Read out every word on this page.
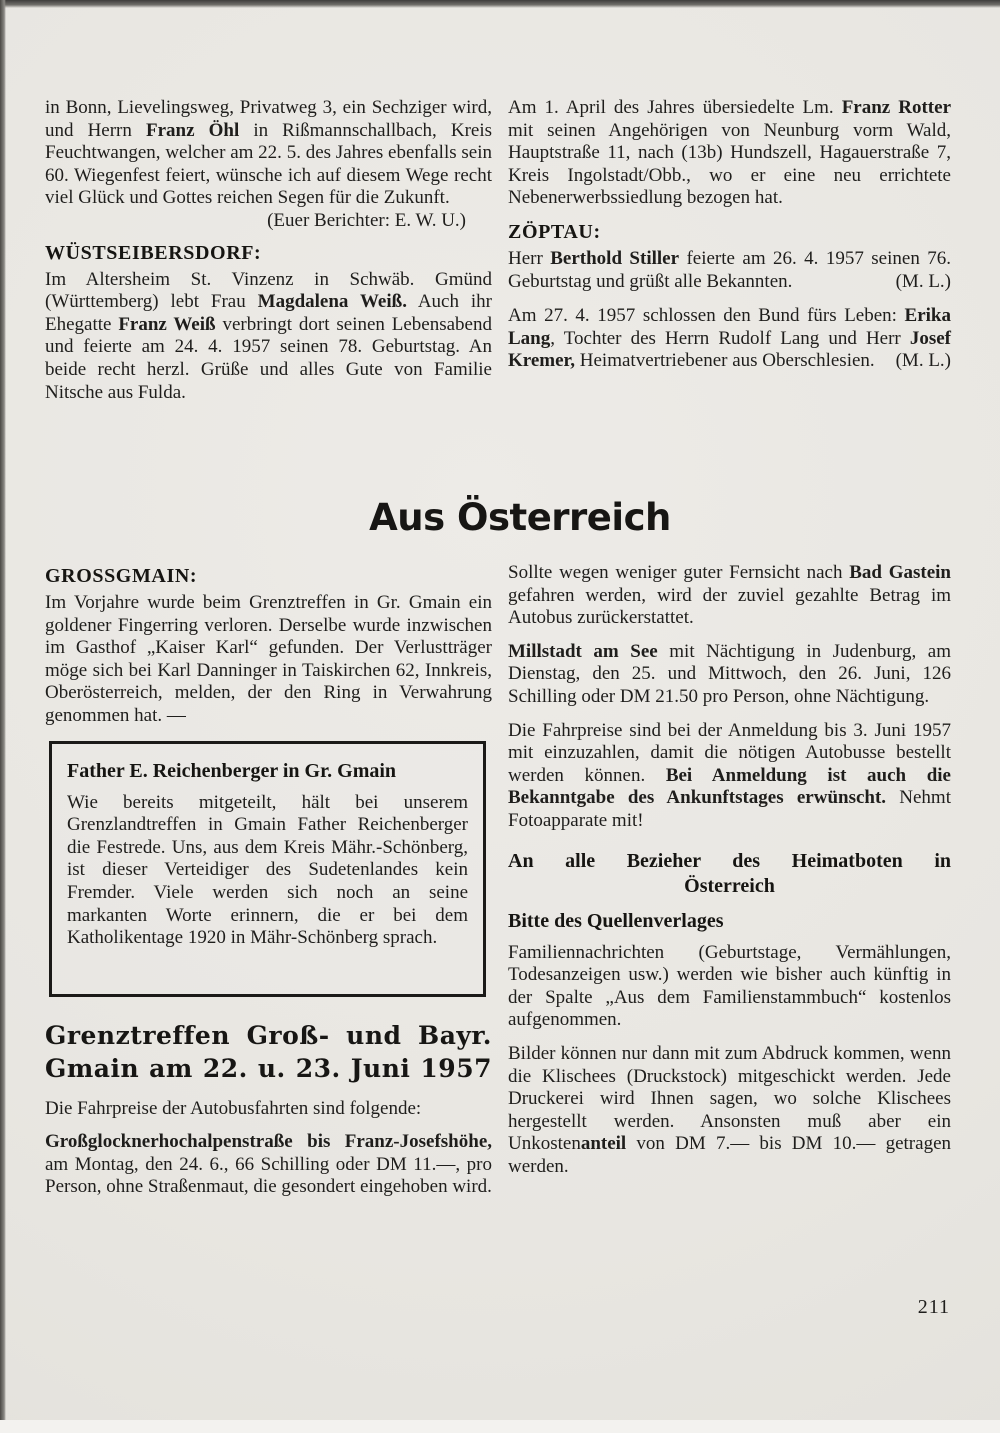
in Bonn, Lievelingsweg, Privatweg 3, ein Sechziger wird, und Herrn Franz Öhl in Rißmannschallbach, Kreis Feuchtwangen, welcher am 22. 5. des Jahres ebenfalls sein 60. Wiegenfest feiert, wünsche ich auf diesem Wege recht viel Glück und Gottes reichen Segen für die Zukunft.

(Euer Berichter: E. W. U.)
WÜSTSEIBERSDORF:

Im Altersheim St. Vinzenz in Schwäb. Gmünd (Württemberg) lebt Frau Magdalena Weiß. Auch ihr Ehegatte Franz Weiß verbringt dort seinen Lebensabend und feierte am 24. 4. 1957 seinen 78. Geburtstag. An beide recht herzl. Grüße und alles Gute von Familie Nitsche aus Fulda.

Am 1. April des Jahres übersiedelte Lm. Franz Rotter mit seinen Angehörigen von Neunburg vorm Wald, Hauptstraße 11, nach (13b) Hundszell, Hagauerstraße 7, Kreis Ingolstadt/Obb., wo er eine neu errichtete Nebenerwerbssiedlung bezogen hat.

ZÖPTAU:

Herr Berthold Stiller feierte am 26. 4. 1957 seinen 76. Geburtstag und grüßt alle Bekannten.	(M. L.)

Am 27. 4. 1957 schlossen den Bund fürs Leben: Erika Lang, Tochter des Herrn Rudolf Lang und Herr Josef Kremer, Heimatvertriebener aus Oberschlesien.	(M. L.)
Aus Österreich
GROSSGMAIN:

Im Vorjahre wurde beim Grenztreffen in Gr. Gmain ein goldener Fingerring verloren. Derselbe wurde inzwischen im Gasthof „Kaiser Karl“ gefunden. Der Verlustträger möge sich bei Karl Danninger in Taiskirchen 62, Innkreis, Oberösterreich, melden, der den Ring in Verwahrung genommen hat. —

Father E. Reichenberger in Gr. Gmain

Wie bereits mitgeteilt, hält bei unserem Grenzlandtreffen in Gmain Father Reichenberger die Festrede. Uns, aus dem Kreis Mähr.-Schönberg, ist dieser Verteidiger des Sudetenlandes kein Fremder. Viele werden sich noch an seine markanten Worte erinnern, die er bei dem Katholikentage 1920 in Mähr-Schönberg sprach.

Grenztreffen Groß- und Bayr.
Gmain am 22. u. 23. Juni 1957

Die Fahrpreise der Autobusfahrten sind folgende:

Großglocknerhochalpenstraße bis Franz-Josefshöhe, am Montag, den 24. 6., 66 Schilling oder DM 11.—, pro Person, ohne Straßenmaut, die gesondert eingehoben wird.

Sollte wegen weniger guter Fernsicht nach Bad Gastein gefahren werden, wird der zuviel gezahlte Betrag im Autobus zurückerstattet.

Millstadt am See mit Nächtigung in Judenburg, am Dienstag, den 25. und Mittwoch, den 26. Juni, 126 Schilling oder DM 21.50 pro Person, ohne Nächtigung.

Die Fahrpreise sind bei der Anmeldung bis 3. Juni 1957 mit einzuzahlen, damit die nötigen Autobusse bestellt werden können. Bei Anmeldung ist auch die Bekanntgabe des Ankunftstages erwünscht. Nehmt Fotoapparate mit!

An alle Bezieher des Heimatboten in
Österreich
Bitte des Quellenverlages

Familiennachrichten (Geburtstage, Vermählungen, Todesanzeigen usw.) werden wie bisher auch künftig in der Spalte „Aus dem Familienstammbuch“ kostenlos aufgenommen.

Bilder können nur dann mit zum Abdruck kommen, wenn die Klischees (Druckstock) mitgeschickt werden. Jede Druckerei wird Ihnen sagen, wo solche Klischees hergestellt werden. Ansonsten muß aber ein Unkostenanteil von DM 7.— bis DM 10.— getragen werden.

211
